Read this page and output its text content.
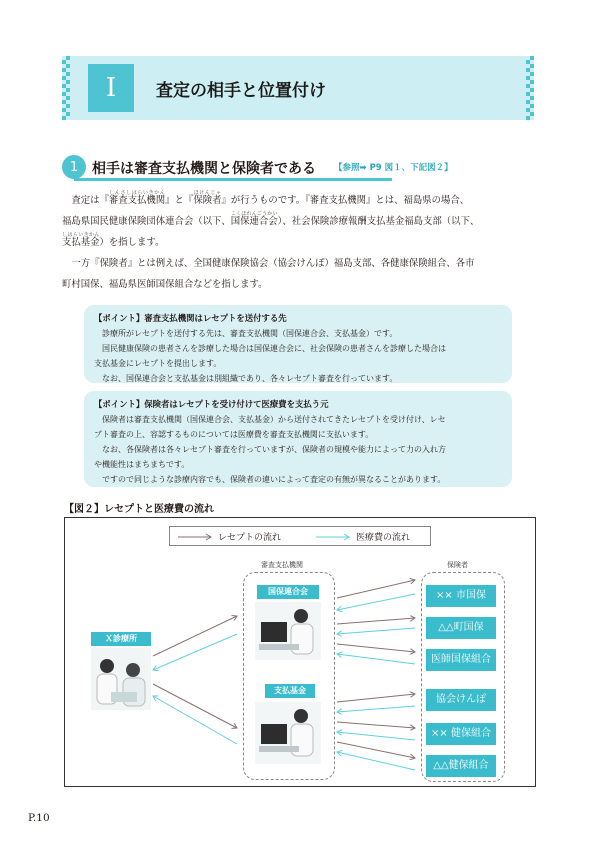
Ⅰ	査定の相手と位置付け
1 相手は審査支払機関と保険者である 【参照➡ P9 図１、下記図２】

査定は『審査支払機関しんさしはらいきかん』と『保険者ほけんじゃ』が行うものです。『審査支払機関』とは、福島県の場合、

福島県国民健康保険団体連合会（以下、国保連合会こくほれんごうかい）、社会保険診療報酬支払基金福島支部（以下、

支払基金しはらいきかん）を指します。

一方『保険者』とは例えば、全国健康保険協会（協会けんぽ）福島支部、各健康保険組合、各市

町村国保、福島県医師国保組合などを指します。

【ポイント】審査支払機関はレセプトを送付する先

診療所がレセプトを送付する先は、審査支払機関（国保連合会、支払基金）です。

国民健康保険の患者さんを診療した場合は国保連合会に、社会保険の患者さんを診療した場合は

支払基金にレセプトを提出します。

なお、国保連合会と支払基金は別組織であり、各々レセプト審査を行っています。

【ポイント】保険者はレセプトを受け付けて医療費を支払う元

保険者は審査支払機関（国保連合会、支払基金）から送付されてきたレセプトを受け付け、レセ

プト審査の上、容認するものについては医療費を審査支払機関に支払います。

なお、各保険者は各々レセプト審査を行っていますが、保険者の規模や能力によって力の入れ方

や機能性はまちまちです。

ですので同じような診療内容でも、保険者の違いによって査定の有無が異なることがあります。

【図２】レセプトと医療費の流れ
レセプトの流れ	医療費の流れ
Ｘ診療所
審査支払機関
国保連合会
支払基金
保険者
×× 市国保
△△町国保
医師国保組合
協会けんぽ
×× 健保組合
△△健保組合
P.10
